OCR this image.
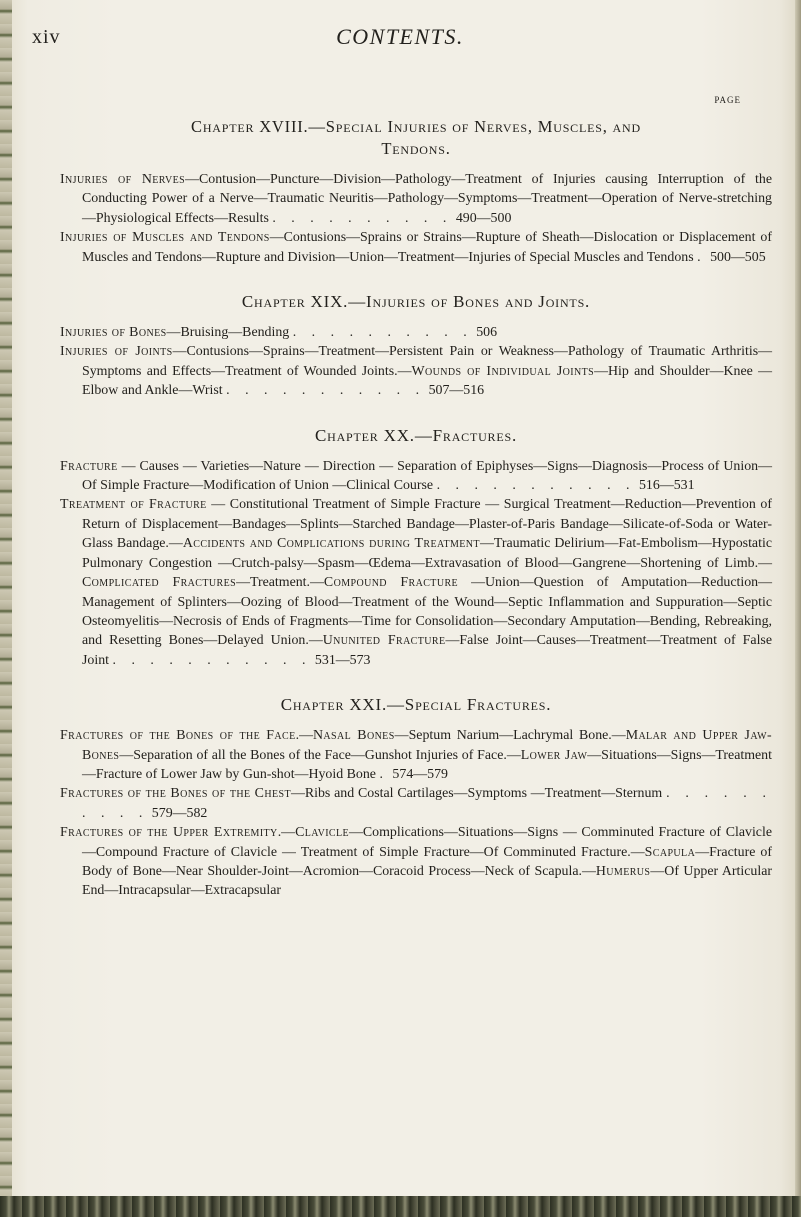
xiv	CONTENTS.
PAGE

Chapter XVIII.—Special Injuries of Nerves, Muscles, and
Tendons.

Injuries of Nerves—Contusion—Puncture—Division—Pathology—Treatment of Injuries causing Interruption of the Conducting Power of a Nerve—Traumatic Neuritis—Pathology—Symptoms—Treatment—Operation of Nerve-stretching—Physiological Effects—Results . . . . . . . . . . 490—500

Injuries of Muscles and Tendons—Contusions—Sprains or Strains—Rupture of Sheath—Dislocation or Displacement of Muscles and Tendons—Rupture and Division—Union—Treatment—Injuries of Special Muscles and Tendons . 500—505

Chapter XIX.—Injuries of Bones and Joints.

Injuries of Bones—Bruising—Bending . . . . . . . . . . 506

Injuries of Joints—Contusions—Sprains—Treatment—Persistent Pain or Weakness—Pathology of Traumatic Arthritis—Symptoms and Effects—Treatment of Wounded Joints.—Wounds of Individual Joints—Hip and Shoulder—Knee —Elbow and Ankle—Wrist . . . . . . . . . . . 507—516

Chapter XX.—Fractures.

Fracture — Causes — Varieties—Nature — Direction — Separation of Epiphyses—Signs—Diagnosis—Process of Union—Of Simple Fracture—Modification of Union —Clinical Course . . . . . . . . . . . 516—531

Treatment of Fracture — Constitutional Treatment of Simple Fracture — Surgical Treatment—Reduction—Prevention of Return of Displacement—Bandages—Splints—Starched Bandage—Plaster-of-Paris Bandage—Silicate-of-Soda or Water-Glass Bandage.—Accidents and Complications during Treatment—Traumatic Delirium—Fat-Embolism—Hypostatic Pulmonary Congestion —Crutch-palsy—Spasm—Œdema—Extravasation of Blood—Gangrene—Shortening of Limb.—Complicated Fractures—Treatment.—Compound Fracture —Union—Question of Amputation—Reduction—Management of Splinters—Oozing of Blood—Treatment of the Wound—Septic Inflammation and Suppuration—Septic Osteomyelitis—Necrosis of Ends of Fragments—Time for Consolidation—Secondary Amputation—Bending, Rebreaking, and Resetting Bones—Delayed Union.—Ununited Fracture—False Joint—Causes—Treatment—Treatment of False Joint . . . . . . . . . . . 531—573

Chapter XXI.—Special Fractures.

Fractures of the Bones of the Face.—Nasal Bones—Septum Narium—Lachrymal Bone.—Malar and Upper Jaw-Bones—Separation of all the Bones of the Face—Gunshot Injuries of Face.—Lower Jaw—Situations—Signs—Treatment—Fracture of Lower Jaw by Gun-shot—Hyoid Bone . 574—579

Fractures of the Bones of the Chest—Ribs and Costal Cartilages—Symptoms —Treatment—Sternum . . . . . . . . . . 579—582

Fractures of the Upper Extremity.—Clavicle—Complications—Situations—Signs — Comminuted Fracture of Clavicle—Compound Fracture of Clavicle — Treatment of Simple Fracture—Of Comminuted Fracture.—Scapula—Fracture of Body of Bone—Near Shoulder-Joint—Acromion—Coracoid Process—Neck of Scapula.—Humerus—Of Upper Articular End—Intracapsular—Extracapsular
